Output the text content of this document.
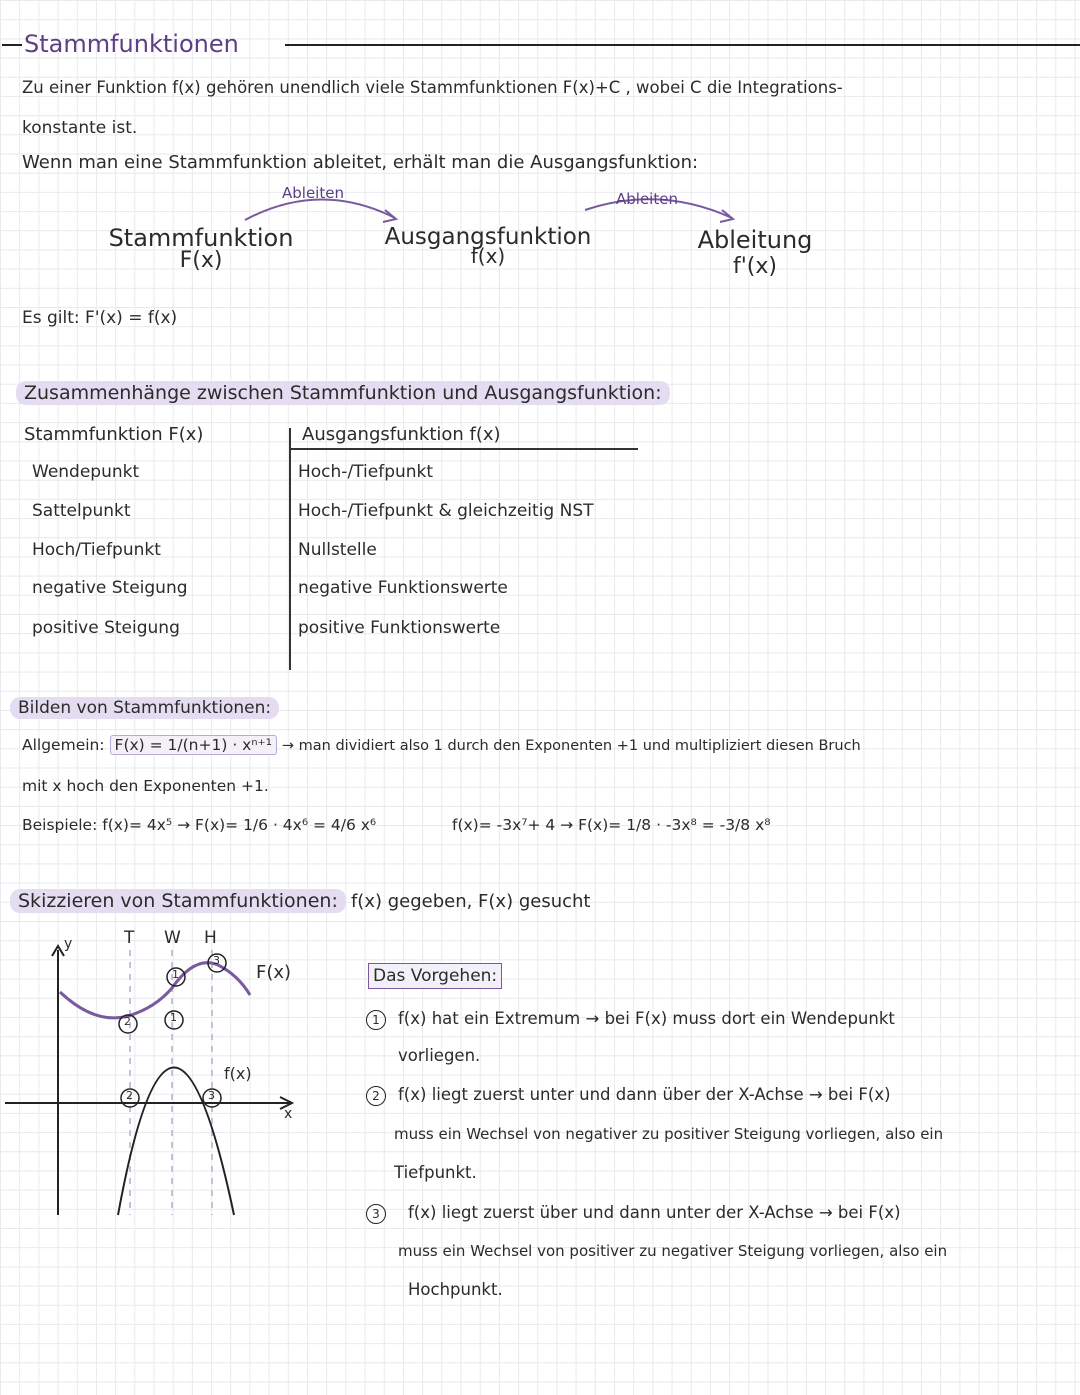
Stammfunktionen
Zu einer Funktion f(x) gehören unendlich viele Stammfunktionen F(x)+C , wobei C die Integrations-
konstante ist.
Wenn man eine Stammfunktion ableitet, erhält man die Ausgangsfunktion:
Ableiten	Ableiten
Stammfunktion
F(x)
Ausgangsfunktion
f(x)
Ableitung
f'(x)
Es gilt: F'(x) = f(x)
Zusammenhänge zwischen Stammfunktion und Ausgangsfunktion:
Stammfunktion F(x)	Ausgangsfunktion f(x)
Wendepunkt	Hoch-/Tiefpunkt
Sattelpunkt	Hoch-/Tiefpunkt & gleichzeitig NST
Hoch/Tiefpunkt	Nullstelle
negative Steigung	negative Funktionswerte
positive Steigung	positive Funktionswerte
Bilden von Stammfunktionen:
Allgemein: F(x) = 1/(n+1) · xⁿ⁺¹ → man dividiert also 1 durch den Exponenten +1 und multipliziert diesen Bruch
mit x hoch den Exponenten +1.
Beispiele: f(x)= 4x⁵ → F(x)= 1/6 · 4x⁶ = 4/6 x⁶	f(x)= -3x⁷+ 4 → F(x)= 1/8 · -3x⁸ = -3/8 x⁸
Skizzieren von Stammfunktionen: f(x) gegeben, F(x) gesucht
y
x
T W H
F(x)
f(x)
1
1
2
2
3
3
Das Vorgehen:
1	f(x) hat ein Extremum → bei F(x) muss dort ein Wendepunkt
vorliegen.
2	f(x) liegt zuerst unter und dann über der X-Achse → bei F(x)
muss ein Wechsel von negativer zu positiver Steigung vorliegen, also ein
Tiefpunkt.
3	f(x) liegt zuerst über und dann unter der X-Achse → bei F(x)
muss ein Wechsel von positiver zu negativer Steigung vorliegen, also ein
Hochpunkt.
